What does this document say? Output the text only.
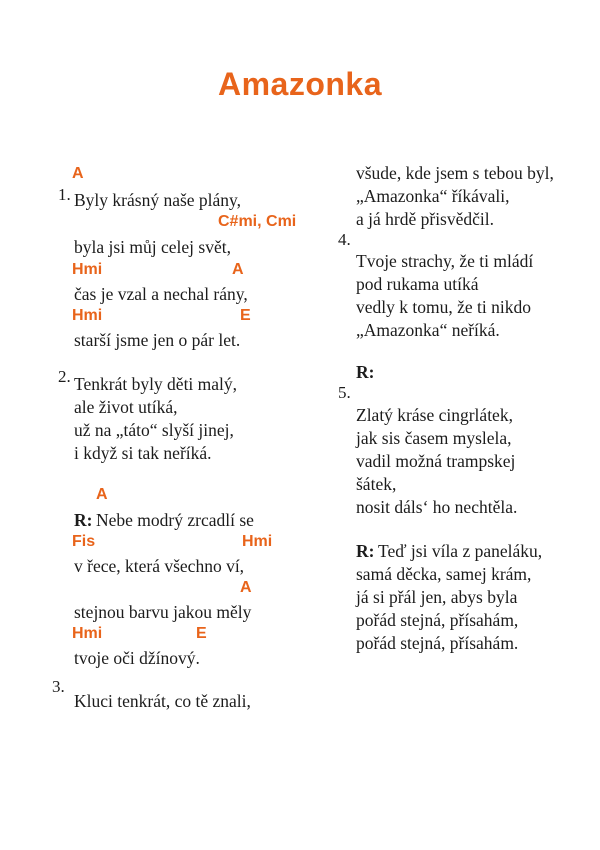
Amazonka
A
1. Byly krásný naše plány,
C#mi, Cmi
byla jsi můj celej svět,
Hmi	A
čas je vzal a nechal rány,
Hmi	E
starší jsme jen o pár let.
2. Tenkrát byly děti malý,
ale život utíká,
už na „táto“ slyší jinej,
i když si tak neříká.
A
R: Nebe modrý zrcadlí se
Fis	Hmi
v řece, která všechno ví,
A
stejnou barvu jakou měly
Hmi	E
tvoje oči džínový.
3.
Kluci tenkrát, co tě znali,
všude, kde jsem s tebou byl,
„Amazonka“ říkávali,
a já hrdě přisvědčil.
4.
Tvoje strachy, že ti mládí
pod rukama utíká
vedly k tomu, že ti nikdo
„Amazonka“ neříká.
R:
5.
Zlatý kráse cingrlátek,
jak sis časem myslela,
vadil možná trampskej
šátek,
nosit dáls‘ ho nechtěla.
R: Teď jsi víla z paneláku,
samá děcka, samej krám,
já si přál jen, abys byla
pořád stejná, přísahám,
pořád stejná, přísahám.
